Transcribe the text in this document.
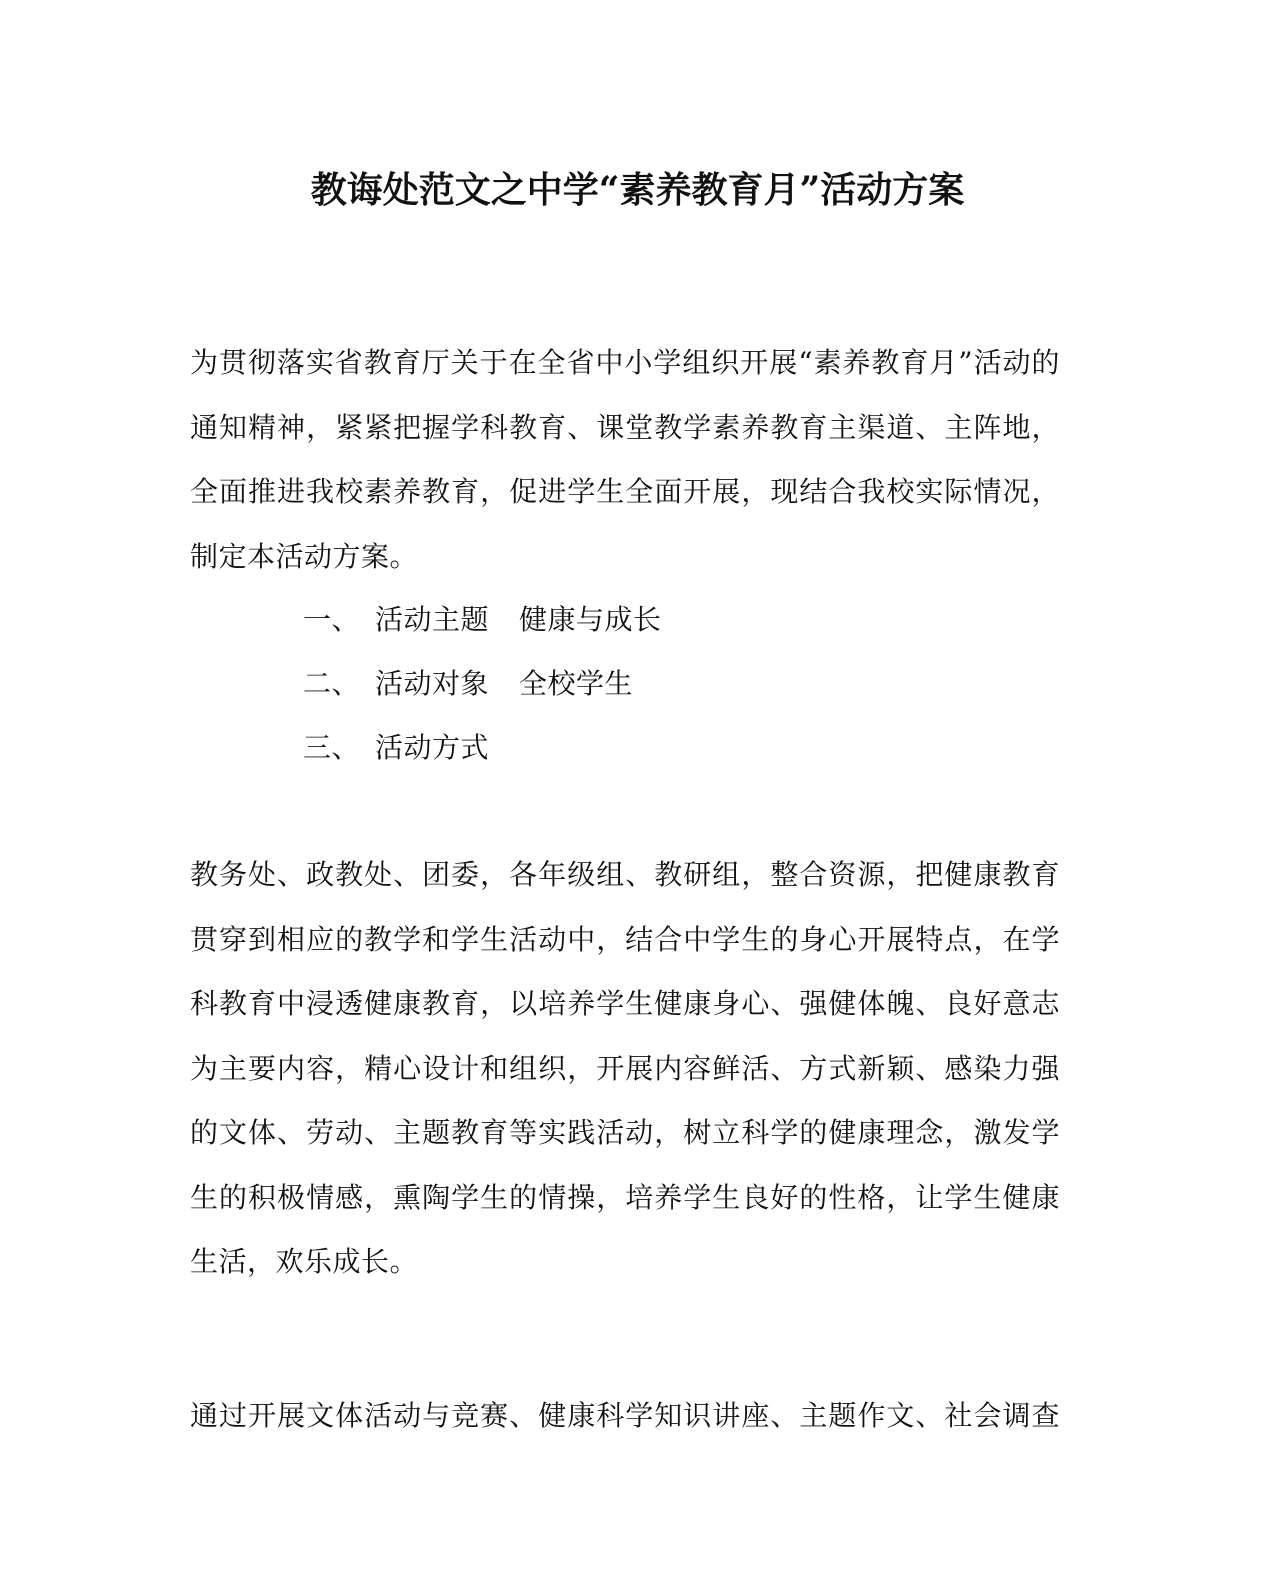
教诲处范文之中学“素养教育月”活动方案
为贯彻落实省教育厅关于在全省中小学组织开展“素养教育月”活动的
通知精神，紧紧把握学科教育、课堂教学素养教育主渠道、主阵地，
全面推进我校素养教育，促进学生全面开展，现结合我校实际情况，
制定本活动方案。
一、 活动主题 健康与成长
二、 活动对象 全校学生
三、 活动方式
教务处、政教处、团委，各年级组、教研组，整合资源，把健康教育
贯穿到相应的教学和学生活动中，结合中学生的身心开展特点，在学
科教育中浸透健康教育，以培养学生健康身心、强健体魄、良好意志
为主要内容，精心设计和组织，开展内容鲜活、方式新颖、感染力强
的文体、劳动、主题教育等实践活动，树立科学的健康理念，激发学
生的积极情感，熏陶学生的情操，培养学生良好的性格，让学生健康
生活，欢乐成长。
通过开展文体活动与竞赛、健康科学知识讲座、主题作文、社会调查
